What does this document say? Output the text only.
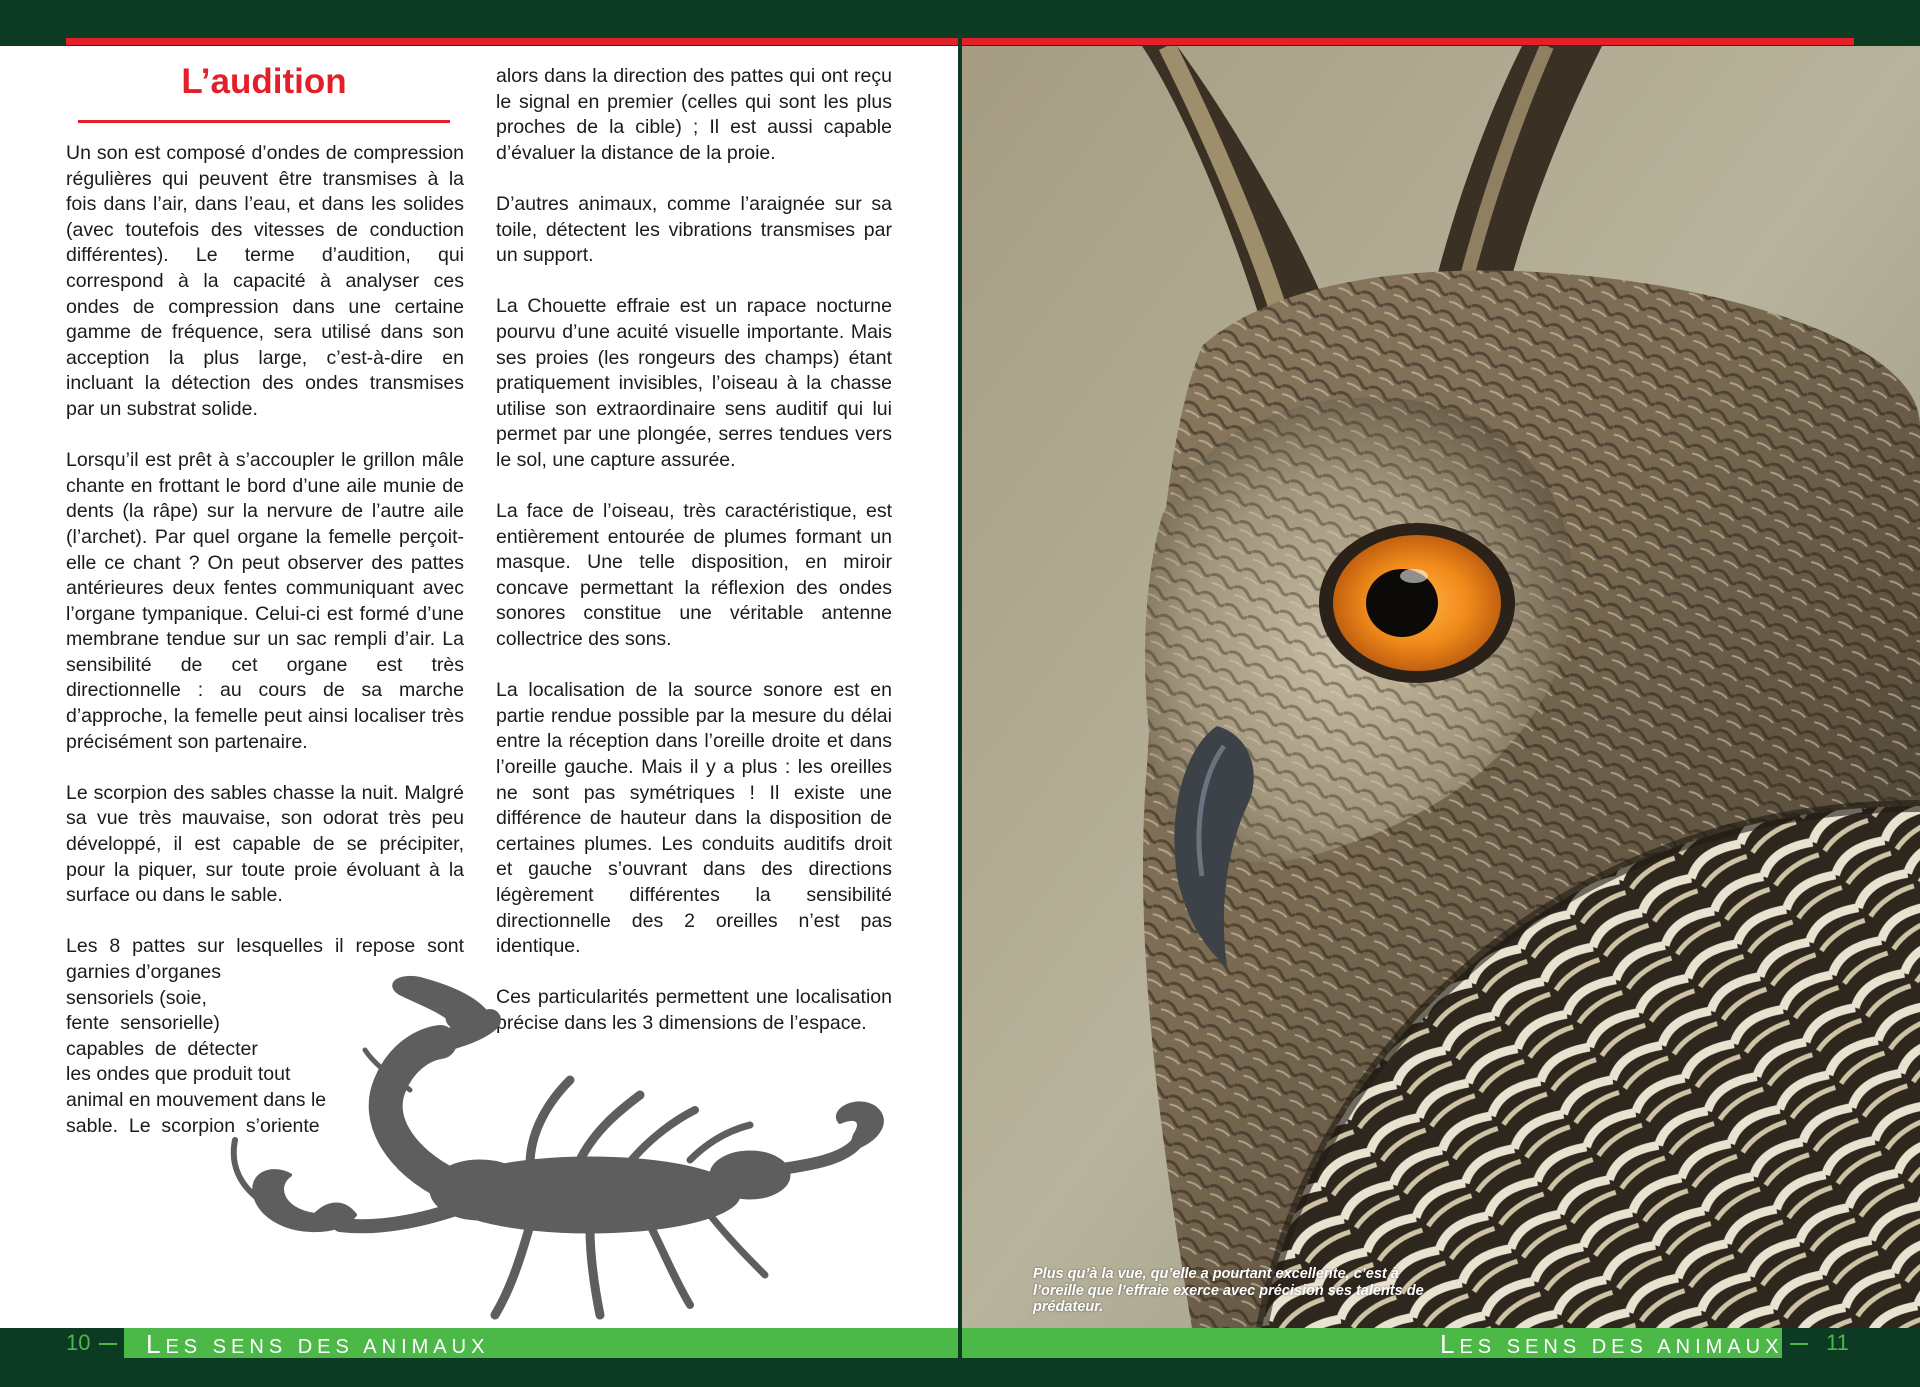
L’audition

Un son est composé d’ondes de compression régulières qui peuvent être transmises à la fois dans l’air, dans l’eau, et dans les solides (avec toutefois des vitesses de conduction différentes). Le terme d’audition, qui correspond à la capacité à analyser ces ondes de compression dans une certaine gamme de fréquence, sera utilisé dans son acception la plus large, c’est-à-dire en incluant la détection des ondes transmises par un substrat solide.

Lorsqu’il est prêt à s’accoupler le grillon mâle chante en frottant le bord d’une aile munie de dents (la râpe) sur la nervure de l’autre aile (l’archet). Par quel organe la femelle perçoit-elle ce chant ? On peut observer des pattes antérieures deux fentes communiquant avec l’organe tympanique. Celui-ci est formé d’une membrane tendue sur un sac rempli d’air. La sensibilité de cet organe est très directionnelle : au cours de sa marche d’approche, la femelle peut ainsi localiser très précisément son partenaire.

Le scorpion des sables chasse la nuit. Malgré sa vue très mauvaise, son odorat très peu développé, il est capable de se précipiter, pour la piquer, sur toute proie évoluant à la surface ou dans le sable.

Les 8 pattes sur lesquelles il repose sont
garnies d’organes
sensoriels (soie,
fente  sensorielle)
capables  de  détecter
les ondes que produit tout
animal en mouvement dans le
sable.  Le  scorpion  s’oriente

alors dans la direction des pattes qui ont reçu le signal en premier (celles qui sont les plus proches de la cible) ; Il est aussi capable d’évaluer la distance de la proie.

D’autres animaux, comme l’araignée sur sa toile, détectent les vibrations transmises par un support.

La Chouette effraie est un rapace nocturne pourvu d’une acuité visuelle importante. Mais ses proies (les rongeurs des champs) étant pratiquement invisibles, l’oiseau à la chasse utilise son extraordinaire sens auditif qui lui permet par une plongée, serres tendues vers le sol, une capture assurée.

La face de l’oiseau, très caractéristique, est entièrement entourée de plumes formant un masque. Une telle disposition, en miroir concave permettant la réflexion des ondes sonores constitue une véritable antenne collectrice des sons.

La localisation de la source sonore est en partie rendue possible par la mesure du délai entre la réception dans l’oreille droite et dans l’oreille gauche. Mais il y a plus : les oreilles ne sont pas symétriques ! Il existe une différence de hauteur dans la disposition de certaines plumes. Les conduits auditifs droit et gauche s’ouvrant dans des directions légèrement différentes la sensibilité directionnelle des 2 oreilles n’est pas identique.

Ces particularités permettent une localisation précise dans les 3 dimensions de l’espace.

10 LES SENS DES ANIMAUX	LES SENS DES ANIMAUX 11
Plus qu’à la vue, qu’elle a pourtant excellente, c’est à l’oreille que l’effraie exerce avec précision ses talents de prédateur.
